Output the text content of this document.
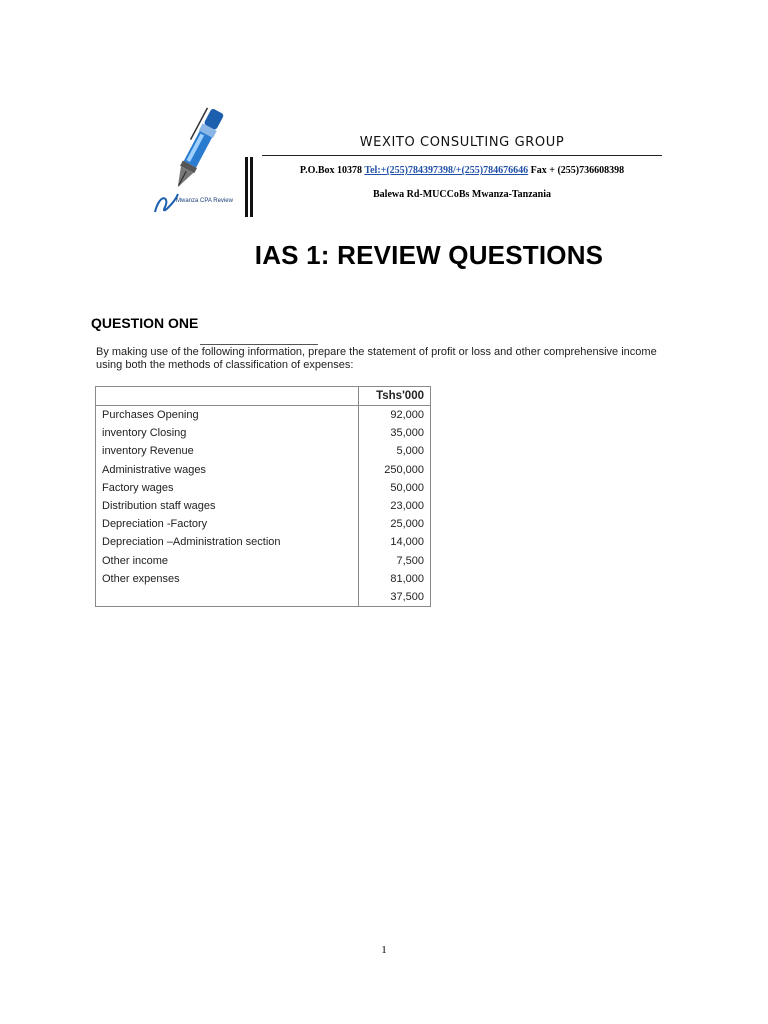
Mwanza CPA Review
WEXITO CONSULTING GROUP
P.O.Box 10378 Tel:+(255)784397398/+(255)784676646 Fax + (255)736608398
Balewa Rd-MUCCoBs Mwanza-Tanzania
IAS 1: REVIEW QUESTIONS
QUESTION ONE
By making use of the following information, prepare the statement of profit or loss and other comprehensive income using both the methods of classification of expenses:
	Tshs'000
Purchases Opening	92,000
inventory Closing	35,000
inventory Revenue	5,000
Administrative wages	250,000
Factory wages	50,000
Distribution staff wages	23,000
Depreciation -Factory	25,000
Depreciation –Administration section	14,000
Other income	7,500
Other expenses	81,000
	37,500
1
